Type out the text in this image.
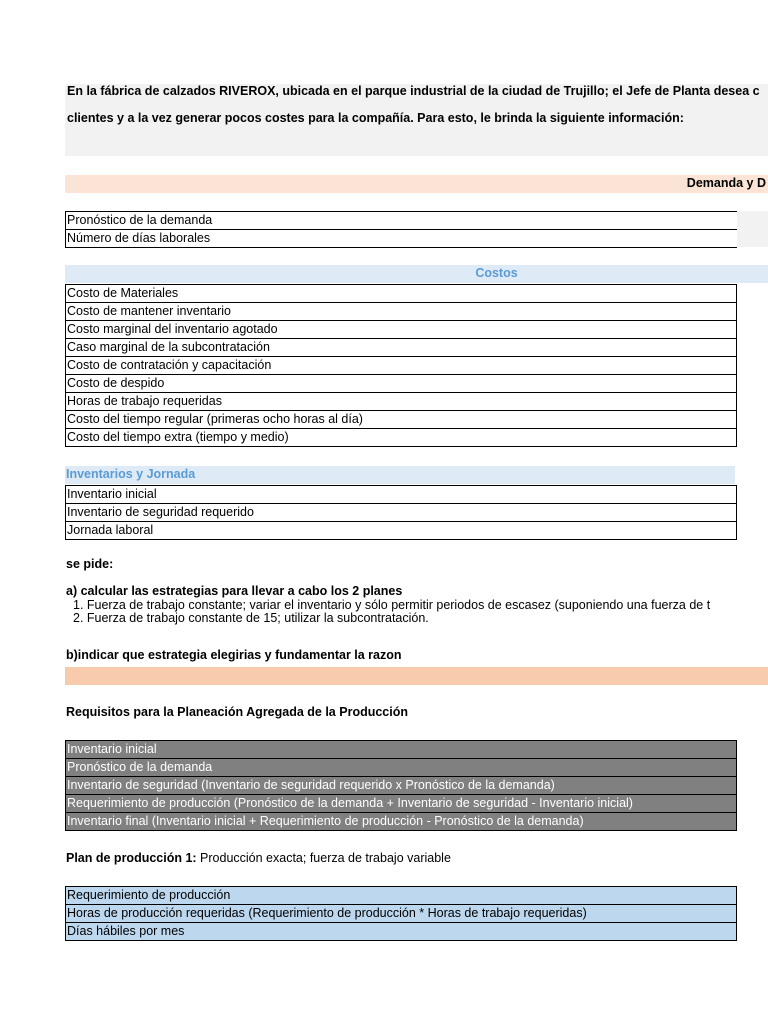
En la fábrica de calzados RIVEROX, ubicada en el parque industrial de la ciudad de Trujillo; el Jefe de Planta desea c

clientes y a la vez generar pocos costes para la compañía. Para esto, le brinda la siguiente información:

Demanda y D
Pronóstico de la demanda
Número de días laborales
Costos
Costo de Materiales
Costo de mantener inventario
Costo marginal del inventario agotado
Caso marginal de la subcontratación
Costo de contratación y capacitación
Costo de despido
Horas de trabajo requeridas
Costo del tiempo regular (primeras ocho horas al día)
Costo del tiempo extra (tiempo y medio)
Inventarios y Jornada
Inventario inicial
Inventario de seguridad requerido
Jornada laboral
se pide:
a) calcular las estrategias para llevar a cabo los 2 planes
1. Fuerza de trabajo constante; variar el inventario y sólo permitir periodos de escasez (suponiendo una fuerza de t
2. Fuerza de trabajo constante de 15; utilizar la subcontratación.
b)indicar que estrategia elegirias y fundamentar la razon
Requisitos para la Planeación Agregada de la Producción
Inventario inicial
Pronóstico de la demanda
Inventario de seguridad (Inventario de seguridad requerido x Pronóstico de la demanda)
Requerimiento de producción (Pronóstico de la demanda + Inventario de seguridad - Inventario inicial)
Inventario final (Inventario inicial + Requerimiento de producción - Pronóstico de la demanda)
Plan de producción 1: Producción exacta; fuerza de trabajo variable
Requerimiento de producción
Horas de producción requeridas (Requerimiento de producción * Horas de trabajo requeridas)
Días hábiles por mes
